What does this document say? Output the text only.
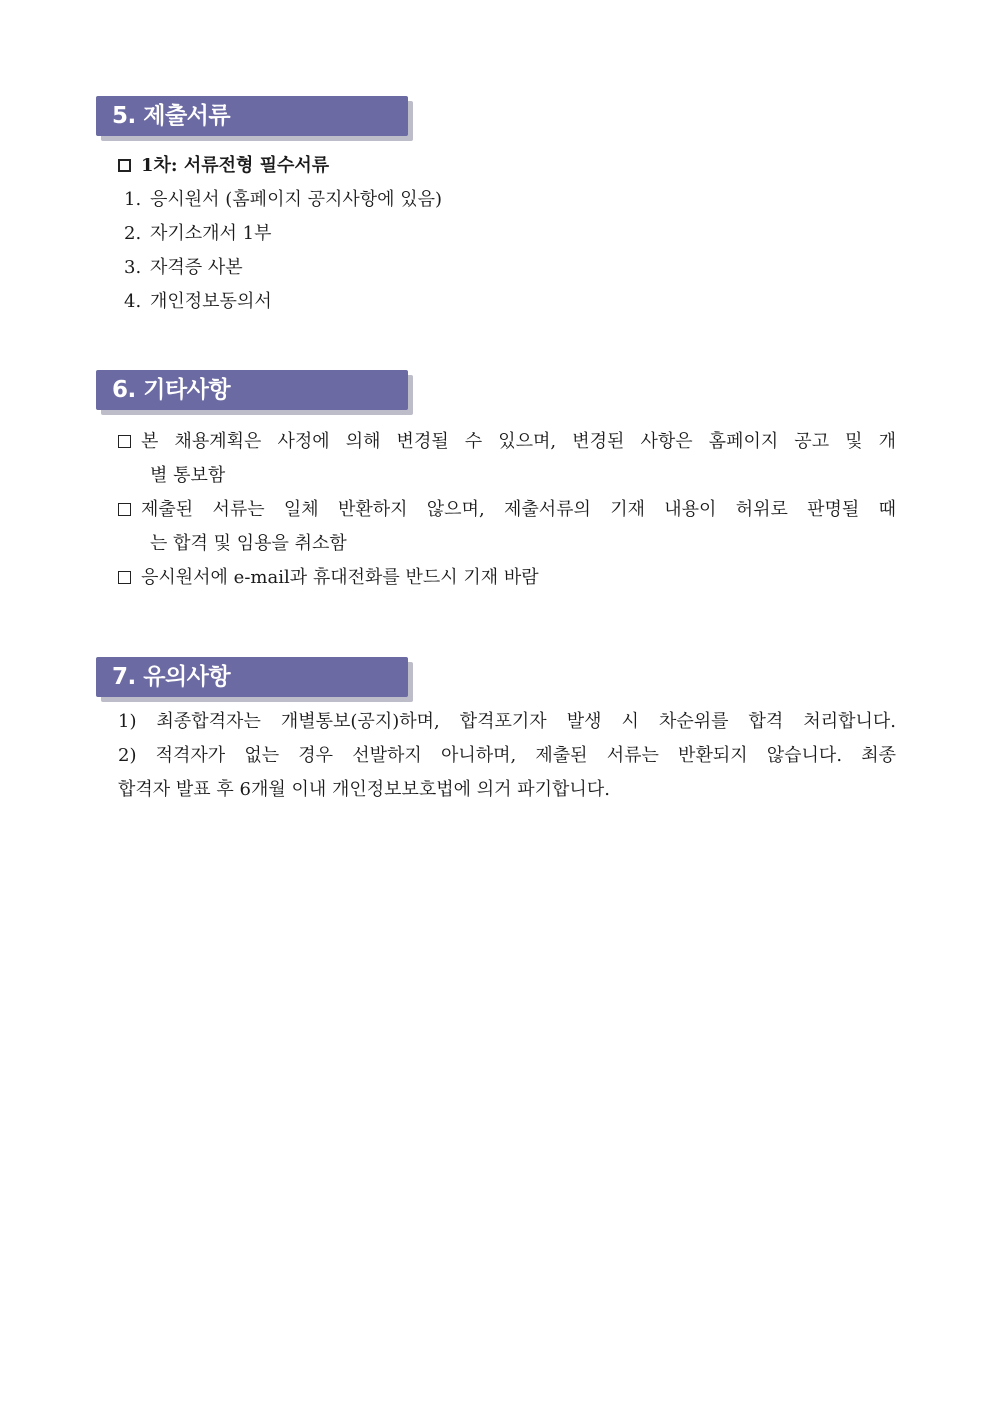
5. 제출서류
1차: 서류전형 필수서류
1. 응시원서 (홈페이지 공지사항에 있음)
2. 자기소개서 1부
3. 자격증 사본
4. 개인정보동의서
6. 기타사항
본 채용계획은 사정에 의해 변경될 수 있으며, 변경된 사항은 홈페이지 공고 및 개
별 통보함
제출된 서류는 일체 반환하지 않으며, 제출서류의 기재 내용이 허위로 판명될 때
는 합격 및 임용을 취소함
응시원서에 e-mail과 휴대전화를 반드시 기재 바람
7. 유의사항
1) 최종합격자는 개별통보(공지)하며, 합격포기자 발생 시 차순위를 합격 처리합니다.
2) 적격자가 없는 경우 선발하지 아니하며, 제출된 서류는 반환되지 않습니다. 최종
합격자 발표 후 6개월 이내 개인정보보호법에 의거 파기합니다.
